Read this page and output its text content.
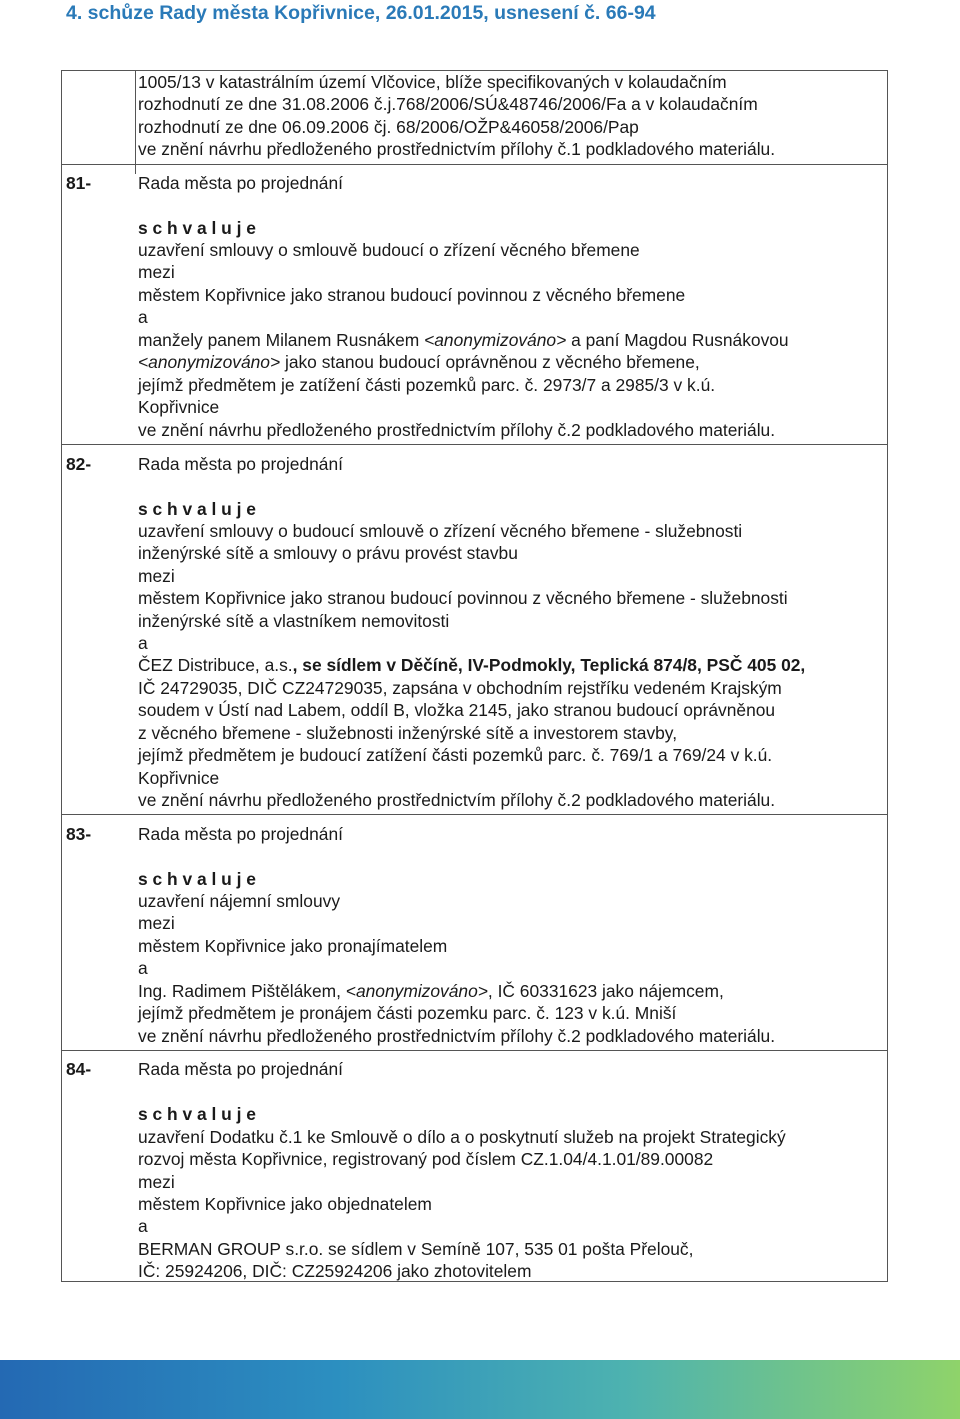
4. schůze Rady města Kopřivnice, 26.01.2015, usnesení č. 66-94
1005/13 v katastrálním území Vlčovice, blíže specifikovaných v kolaudačním
rozhodnutí ze dne 31.08.2006 č.j.768/2006/SÚ&48746/2006/Fa a v kolaudačním
rozhodnutí ze dne 06.09.2006 čj. 68/2006/OŽP&46058/2006/Pap
ve znění návrhu předloženého prostřednictvím přílohy č.1 podkladového materiálu.
81-	Rada města po projednání
s c h v a l u j e
uzavření smlouvy o smlouvě budoucí o zřízení věcného břemene
mezi
městem Kopřivnice jako stranou budoucí povinnou z věcného břemene
a
manžely panem Milanem Rusnákem <anonymizováno> a paní Magdou Rusnákovou
<anonymizováno> jako stanou budoucí oprávněnou z věcného břemene,
jejímž předmětem je zatížení části pozemků parc. č. 2973/7 a 2985/3 v k.ú.
Kopřivnice
ve znění návrhu předloženého prostřednictvím přílohy č.2 podkladového materiálu.
82-	Rada města po projednání
s c h v a l u j e
uzavření smlouvy o budoucí smlouvě o zřízení věcného břemene - služebnosti
inženýrské sítě a smlouvy o právu provést stavbu
mezi
městem Kopřivnice jako stranou budoucí povinnou z věcného břemene - služebnosti
inženýrské sítě a vlastníkem nemovitosti
a
ČEZ Distribuce, a.s., se sídlem v Děčíně, IV-Podmokly, Teplická 874/8, PSČ 405 02,
IČ 24729035, DIČ CZ24729035, zapsána v obchodním rejstříku vedeném Krajským
soudem v Ústí nad Labem, oddíl B, vložka 2145, jako stranou budoucí oprávněnou
z věcného břemene - služebnosti inženýrské sítě a investorem stavby,
jejímž předmětem je budoucí zatížení části pozemků parc. č. 769/1 a 769/24 v k.ú.
Kopřivnice
ve znění návrhu předloženého prostřednictvím přílohy č.2 podkladového materiálu.
83-	Rada města po projednání
s c h v a l u j e
uzavření nájemní smlouvy
mezi
městem Kopřivnice jako pronajímatelem
a
Ing. Radimem Pištělákem, <anonymizováno>, IČ 60331623 jako nájemcem,
jejímž předmětem je pronájem části pozemku parc. č. 123 v k.ú. Mniší
ve znění návrhu předloženého prostřednictvím přílohy č.2 podkladového materiálu.
84-	Rada města po projednání
s c h v a l u j e
uzavření Dodatku č.1 ke Smlouvě o dílo a o poskytnutí služeb na projekt Strategický
rozvoj města Kopřivnice, registrovaný pod číslem CZ.1.04/4.1.01/89.00082
mezi
městem Kopřivnice jako objednatelem
a
BERMAN GROUP s.r.o. se sídlem v Semíně 107, 535 01 pošta Přelouč,
IČ: 25924206, DIČ: CZ25924206 jako zhotovitelem
